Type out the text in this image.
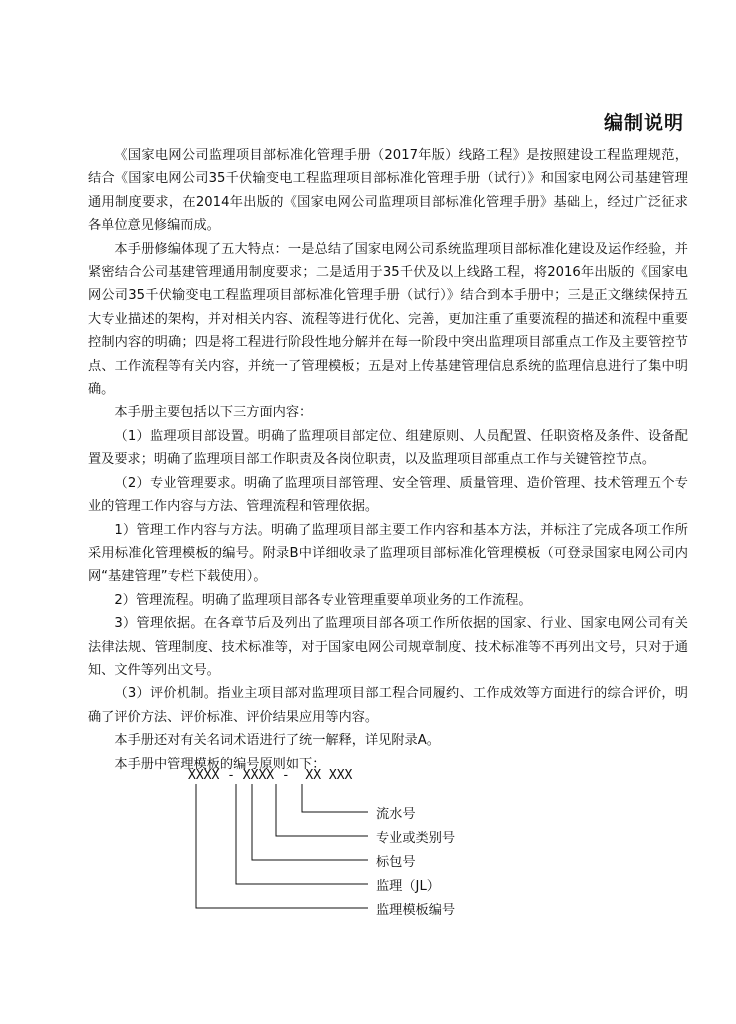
编制说明

《国家电网公司监理项目部标准化管理手册（2017年版）线路工程》是按照建设工程监理规范，结合《国家电网公司35千伏输变电工程监理项目部标准化管理手册（试行）》和国家电网公司基建管理通用制度要求，在2014年出版的《国家电网公司监理项目部标准化管理手册》基础上，经过广泛征求各单位意见修编而成。

本手册修编体现了五大特点：一是总结了国家电网公司系统监理项目部标准化建设及运作经验，并紧密结合公司基建管理通用制度要求；二是适用于35千伏及以上线路工程，将2016年出版的《国家电网公司35千伏输变电工程监理项目部标准化管理手册（试行）》结合到本手册中；三是正文继续保持五大专业描述的架构，并对相关内容、流程等进行优化、完善，更加注重了重要流程的描述和流程中重要控制内容的明确；四是将工程进行阶段性地分解并在每一阶段中突出监理项目部重点工作及主要管控节点、工作流程等有关内容，并统一了管理模板；五是对上传基建管理信息系统的监理信息进行了集中明确。

本手册主要包括以下三方面内容：

（1）监理项目部设置。明确了监理项目部定位、组建原则、人员配置、任职资格及条件、设备配置及要求；明确了监理项目部工作职责及各岗位职责，以及监理项目部重点工作与关键管控节点。

（2）专业管理要求。明确了监理项目部管理、安全管理、质量管理、造价管理、技术管理五个专业的管理工作内容与方法、管理流程和管理依据。

1）管理工作内容与方法。明确了监理项目部主要工作内容和基本方法，并标注了完成各项工作所采用标准化管理模板的编号。附录B中详细收录了监理项目部标准化管理模板（可登录国家电网公司内网“基建管理”专栏下载使用）。

2）管理流程。明确了监理项目部各专业管理重要单项业务的工作流程。

3）管理依据。在各章节后及列出了监理项目部各项工作所依据的国家、行业、国家电网公司有关法律法规、管理制度、技术标准等，对于国家电网公司规章制度、技术标准等不再列出文号，只对于通知、文件等列出文号。

（3）评价机制。指业主项目部对监理项目部工程合同履约、工作成效等方面进行的综合评价，明确了评价方法、评价标准、评价结果应用等内容。

本手册还对有关名词术语进行了统一解释，详见附录A。

本手册中管理模板的编号原则如下：

XXXX - XXXX -  XX XXX
流水号
专业或类别号
标包号
监理（JL）
监理模板编号
